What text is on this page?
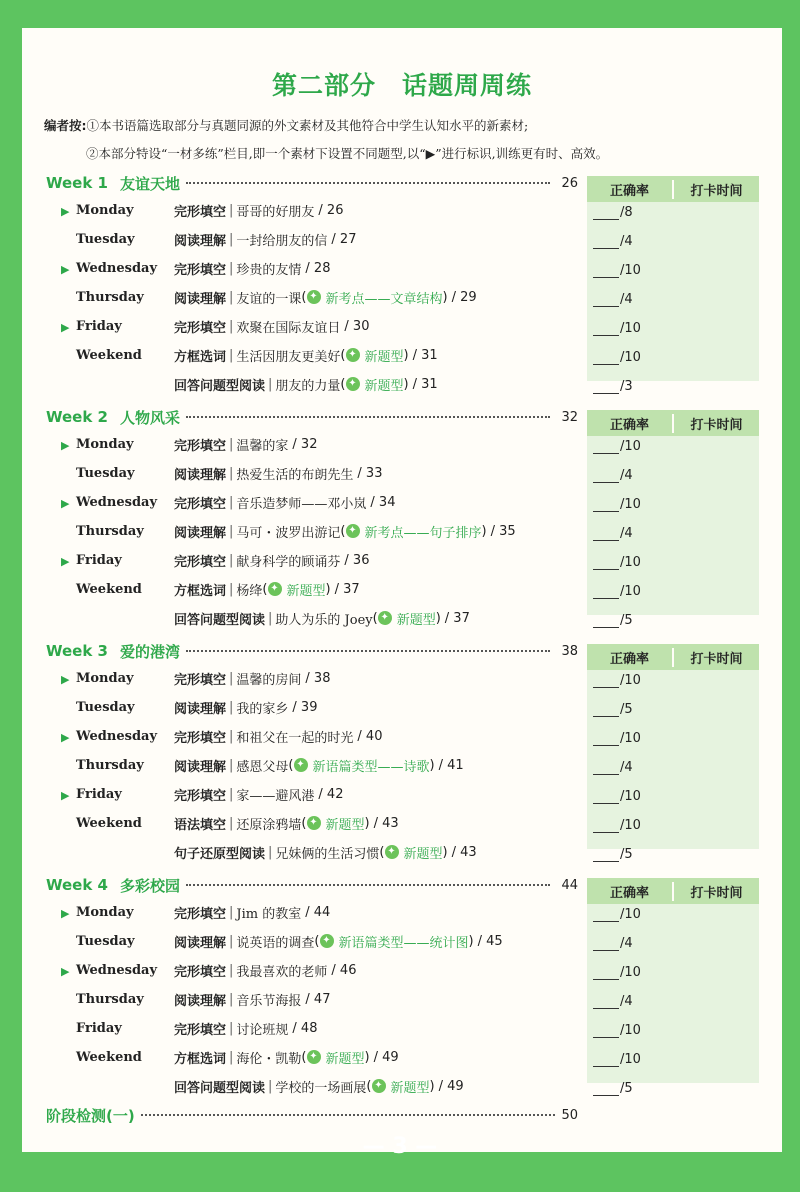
第二部分 话题周周练
编者按:①本书语篇选取部分与真题同源的外文素材及其他符合中学生认知水平的新素材;
②本部分特设“一材多练”栏目,即一个素材下设置不同题型,以“▶”进行标识,训练更有时、高效。
Week 1 友谊天地	26
正确率	打卡时间
▶ Monday	完形填空 | 哥哥的好朋友 / 26	/8
Tuesday	阅读理解 | 一封给朋友的信 / 27	/4
▶ Wednesday	完形填空 | 珍贵的友情 / 28	/10
Thursday	阅读理解 | 友谊的一课 ( ✦ 新考点——文章结构 ) / 29	/4
▶ Friday	完形填空 | 欢聚在国际友谊日 / 30	/10
Weekend	方框选词 | 生活因朋友更美好 ( ✦ 新题型 ) / 31	/10
回答问题型阅读 | 朋友的力量 ( ✦ 新题型 ) / 31	/3
Week 2 人物风采	32
正确率	打卡时间
▶ Monday	完形填空 | 温馨的家 / 32	/10
Tuesday	阅读理解 | 热爱生活的布朗先生 / 33	/4
▶ Wednesday	完形填空 | 音乐造梦师——邓小岚 / 34	/10
Thursday	阅读理解 | 马可・波罗出游记 ( ✦ 新考点——句子排序 ) / 35	/4
▶ Friday	完形填空 | 献身科学的顾诵芬 / 36	/10
Weekend	方框选词 | 杨绛 ( ✦ 新题型 ) / 37	/10
回答问题型阅读 | 助人为乐的 Joey ( ✦ 新题型 ) / 37	/5
Week 3 爱的港湾	38
正确率	打卡时间
▶ Monday	完形填空 | 温馨的房间 / 38	/10
Tuesday	阅读理解 | 我的家乡 / 39	/5
▶ Wednesday	完形填空 | 和祖父在一起的时光 / 40	/10
Thursday	阅读理解 | 感恩父母 ( ✦ 新语篇类型——诗歌 ) / 41	/4
▶ Friday	完形填空 | 家——避风港 / 42	/10
Weekend	语法填空 | 还原涂鸦墙 ( ✦ 新题型 ) / 43	/10
句子还原型阅读 | 兄妹俩的生活习惯 ( ✦ 新题型 ) / 43	/5
Week 4 多彩校园	44
正确率	打卡时间
▶ Monday	完形填空 | Jim 的教室 / 44	/10
Tuesday	阅读理解 | 说英语的调查 ( ✦ 新语篇类型——统计图 ) / 45	/4
▶ Wednesday	完形填空 | 我最喜欢的老师 / 46	/10
Thursday	阅读理解 | 音乐节海报 / 47	/4
Friday	完形填空 | 讨论班规 / 48	/10
Weekend	方框选词 | 海伦・凯勒 ( ✦ 新题型 ) / 49	/10
回答问题型阅读 | 学校的一场画展 ( ✦ 新题型 ) / 49	/5
阶段检测(一)	50
— 3 —
